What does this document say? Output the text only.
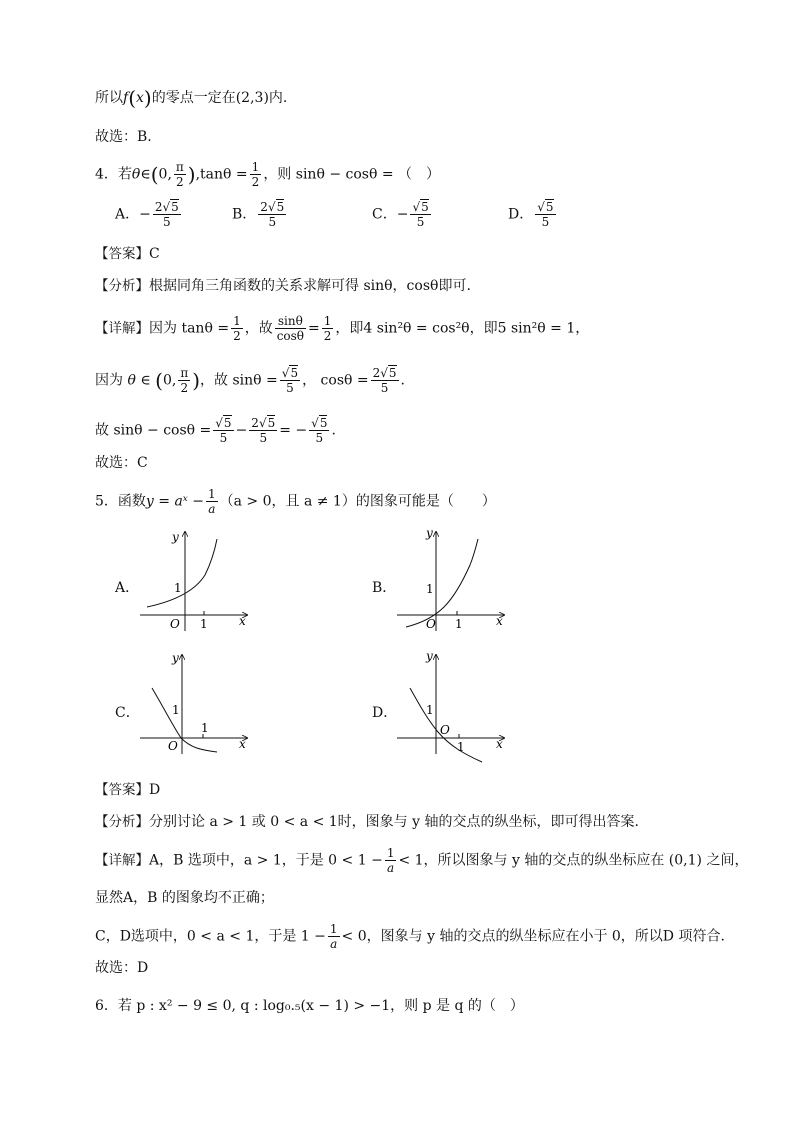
所以f(x)的零点一定在(2,3)内.
故选：B.
4．若θ∈(0, $\frac{\pi}{2} ),\tan\theta = \frac{1}{2}$ ，则 sinθ − cosθ = （　）
A．− $\frac{2√5}{5}$	B． $\frac{2√5}{5}$	C．− $\frac{√5}{5}$	D． $\frac{√5}{5}$
【答案】C
【分析】根据同角三角函数的关系求解可得 sinθ，cosθ即可.
【详解】因为 $\tan\theta = \frac{1}{2}$ ，故 $\frac{\sin\theta}{\cos\theta} = \frac{1}{2}$ ，即4 sin²θ = cos²θ，即5 sin²θ = 1，
因为 θ ∈ (0, $\frac{\pi}{2}$ )，故 $\sin\theta = \frac{√5}{5}$ ， $\cos\theta = \frac{2√5}{5}$ .
故 $\sin\theta - \cos\theta = \frac{√5}{5} - \frac{2√5}{5}$ = − $\frac{√5}{5}$ .
故选：C
5．函数y = aˣ − $\frac{1}{a} (a > 0$，且 a ≠ 1）的图象可能是（　　）
A．	B．
C．	D．
y
x
O 1
1
y
x
O 1
1
y
x
O
1
1
y
x
O
1
1
【答案】D
【分析】分别讨论 a > 1 或 0 < a < 1时，图象与 y 轴的交点的纵坐标，即可得出答案.
【详解】A，B 选项中，a > 1，于是 $0 < 1 - \frac{1}{a} < 1$，所以图象与 y 轴的交点的纵坐标应在 (0,1) 之间，
显然A，B 的图象均不正确；
C，D选项中，0 < a < 1，于是 $1 - \frac{1}{a} < 0$，图象与 y 轴的交点的纵坐标应在小于 0，所以D 项符合.
故选：D
6．若 p : x² − 9 ≤ 0, q : log₀.₅(x − 1) > −1，则 p 是 q 的（　）
